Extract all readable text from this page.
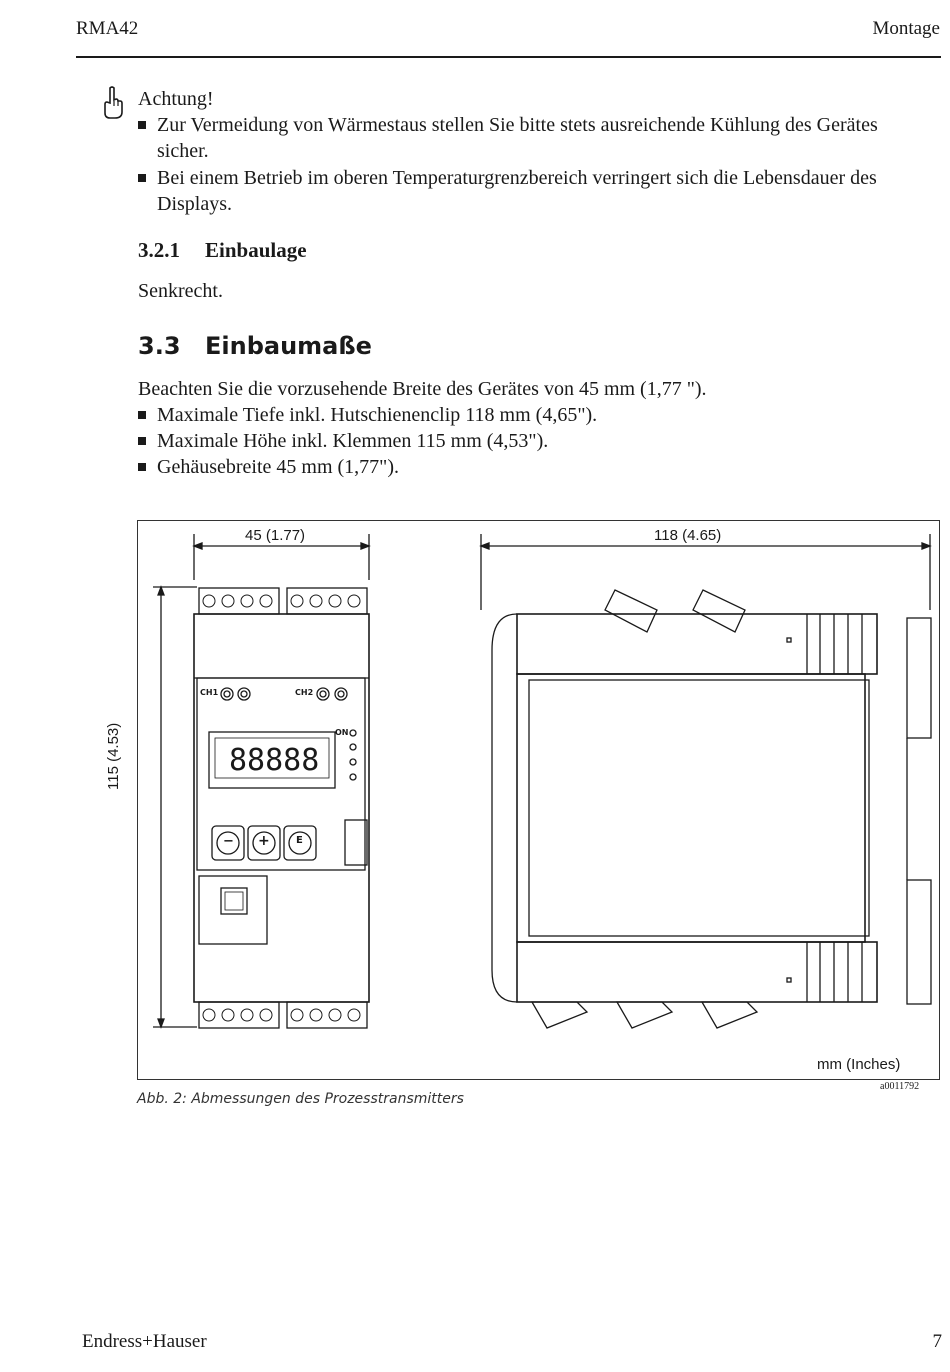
RMA42	Montage
Achtung!
Zur Vermeidung von Wärmestaus stellen Sie bitte stets ausreichende Kühlung des Gerätes
sicher.
Bei einem Betrieb im oberen Temperaturgrenzbereich verringert sich die Lebensdauer des
Displays.
3.2.1 Einbaulage
Senkrecht.
3.3 Einbaumaße
Beachten Sie die vorzusehende Breite des Gerätes von 45 mm (1,77 ").
Maximale Tiefe inkl. Hutschienenclip 118 mm (4,65").
Maximale Höhe inkl. Klemmen 115 mm (4,53").
Gehäusebreite 45 mm (1,77").
88888
45 (1.77)	118 (4.65)
115 (4.53)
mm (Inches)
CH1	CH2
ON
− +	E
a0011792
Abb. 2: Abmessungen des Prozesstransmitters
Endress+Hauser	7
